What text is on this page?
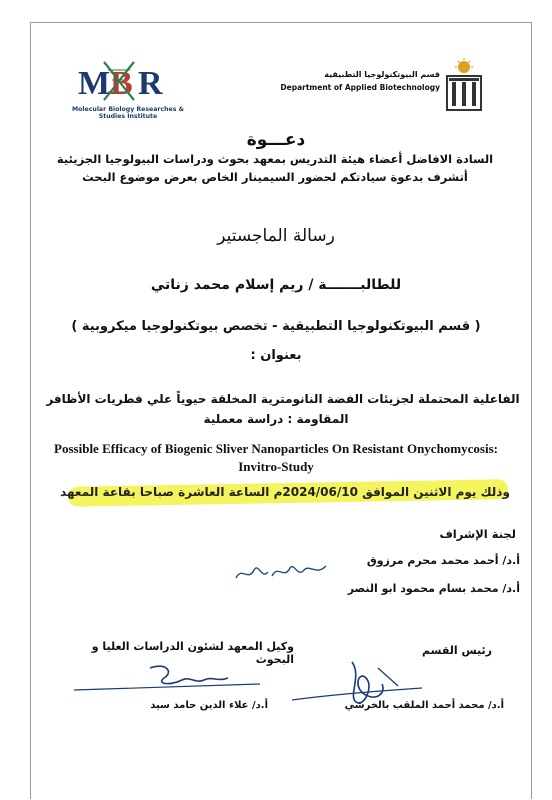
M B R
Molecular Biology Researches & Studies Institute
قسم البيوتكنولوجيا التطبيقية
Department of Applied Biotechnology
دعـــوة
السادة الافاضل أعضاء هيئة التدريس بمعهد بحوث ودراسات البيولوجيا الجزيئية
أتشرف بدعوة سيادتكم لحضور السيمينار الخاص بعرض موضوع البحث
رسالة الماجستير
للطالبـــــــة / ريم إسلام محمد زناتي
( قسم البيوتكنولوجيا التطبيقية - تخصص بيوتكنولوجيا ميكروبية )
بعنوان :
الفاعلية المحتملة لجزيئات الفضة النانومترية المخلقة حيوياً علي فطريات الأظافر
المقاومة : دراسة معملية
Possible Efficacy of Biogenic Sliver Nanoparticles On Resistant Onychomycosis: Invitro-Study
وذلك يوم الاثنين الموافق 2024/06/10م الساعة العاشرة صباحا بقاعة المعهد
لجنة الإشراف
أ.د/ أحمد محمد محرم مرزوق
أ.د/ محمد بسام محمود ابو النصر
رئيس القسم
وكيل المعهد لشئون الدراسات العليا و البحوث
أ.د/ محمد أحمد الملقب بالخرشي
أ.د/ علاء الدين حامد سيد
